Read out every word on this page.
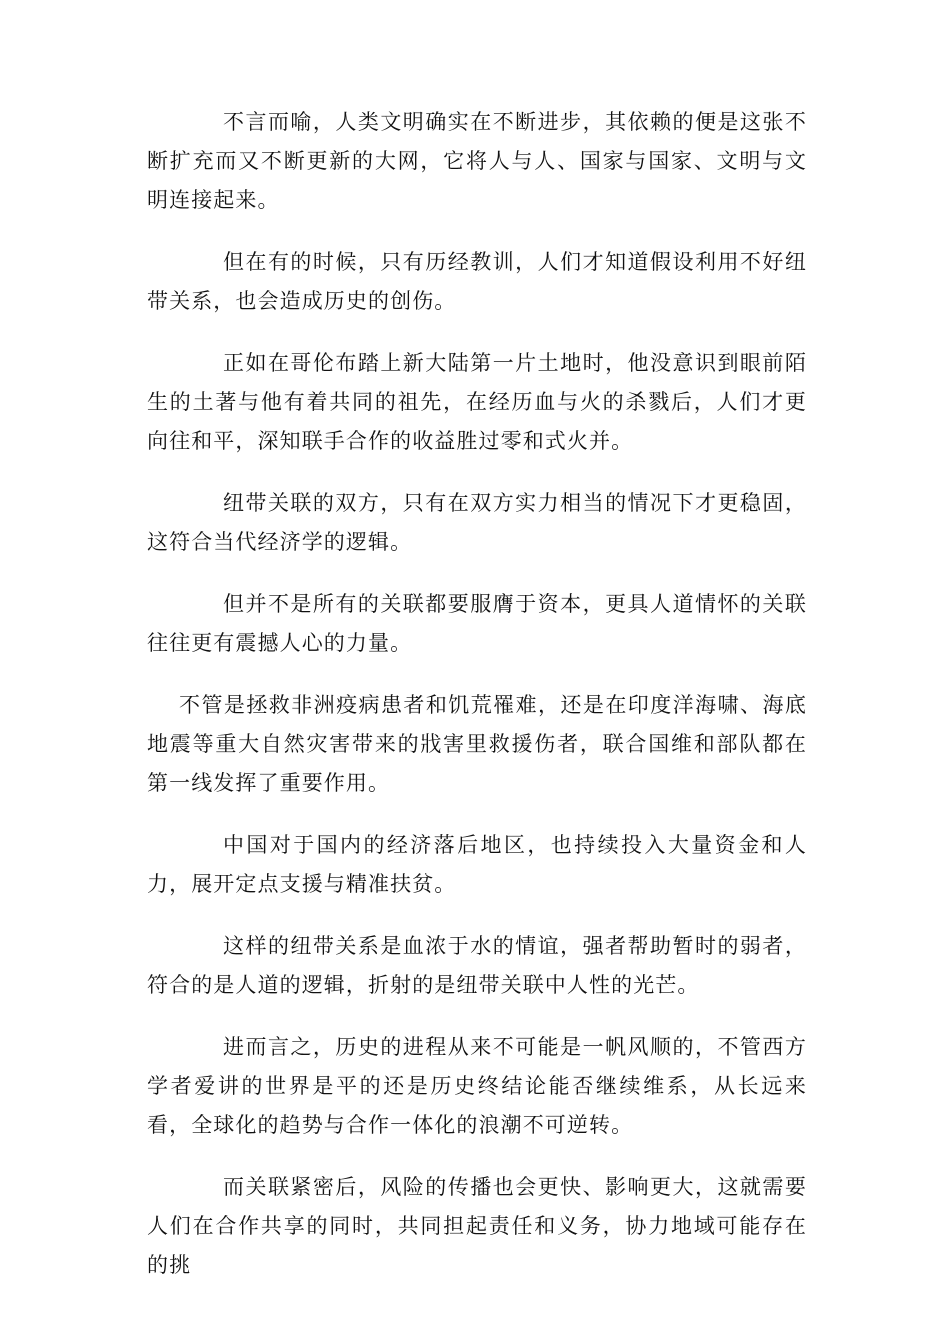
不言而喻，人类文明确实在不断进步，其依赖的便是这张不断扩充而又不断更新的大网，它将人与人、国家与国家、文明与文明连接起来。

但在有的时候，只有历经教训，人们才知道假设利用不好纽带关系，也会造成历史的创伤。

正如在哥伦布踏上新大陆第一片土地时，他没意识到眼前陌生的土著与他有着共同的祖先，在经历血与火的杀戮后，人们才更向往和平，深知联手合作的收益胜过零和式火并。

纽带关联的双方，只有在双方实力相当的情况下才更稳固，这符合当代经济学的逻辑。

但并不是所有的关联都要服膺于资本，更具人道情怀的关联往往更有震撼人心的力量。

不管是拯救非洲疫病患者和饥荒罹难，还是在印度洋海啸、海底地震等重大自然灾害带来的戕害里救援伤者，联合国维和部队都在第一线发挥了重要作用。

中国对于国内的经济落后地区，也持续投入大量资金和人力，展开定点支援与精准扶贫。

这样的纽带关系是血浓于水的情谊，强者帮助暂时的弱者，符合的是人道的逻辑，折射的是纽带关联中人性的光芒。

进而言之，历史的进程从来不可能是一帆风顺的，不管西方学者爱讲的世界是平的还是历史终结论能否继续维系，从长远来看，全球化的趋势与合作一体化的浪潮不可逆转。

而关联紧密后，风险的传播也会更快、影响更大，这就需要人们在合作共享的同时，共同担起责任和义务，协力地域可能存在的挑
